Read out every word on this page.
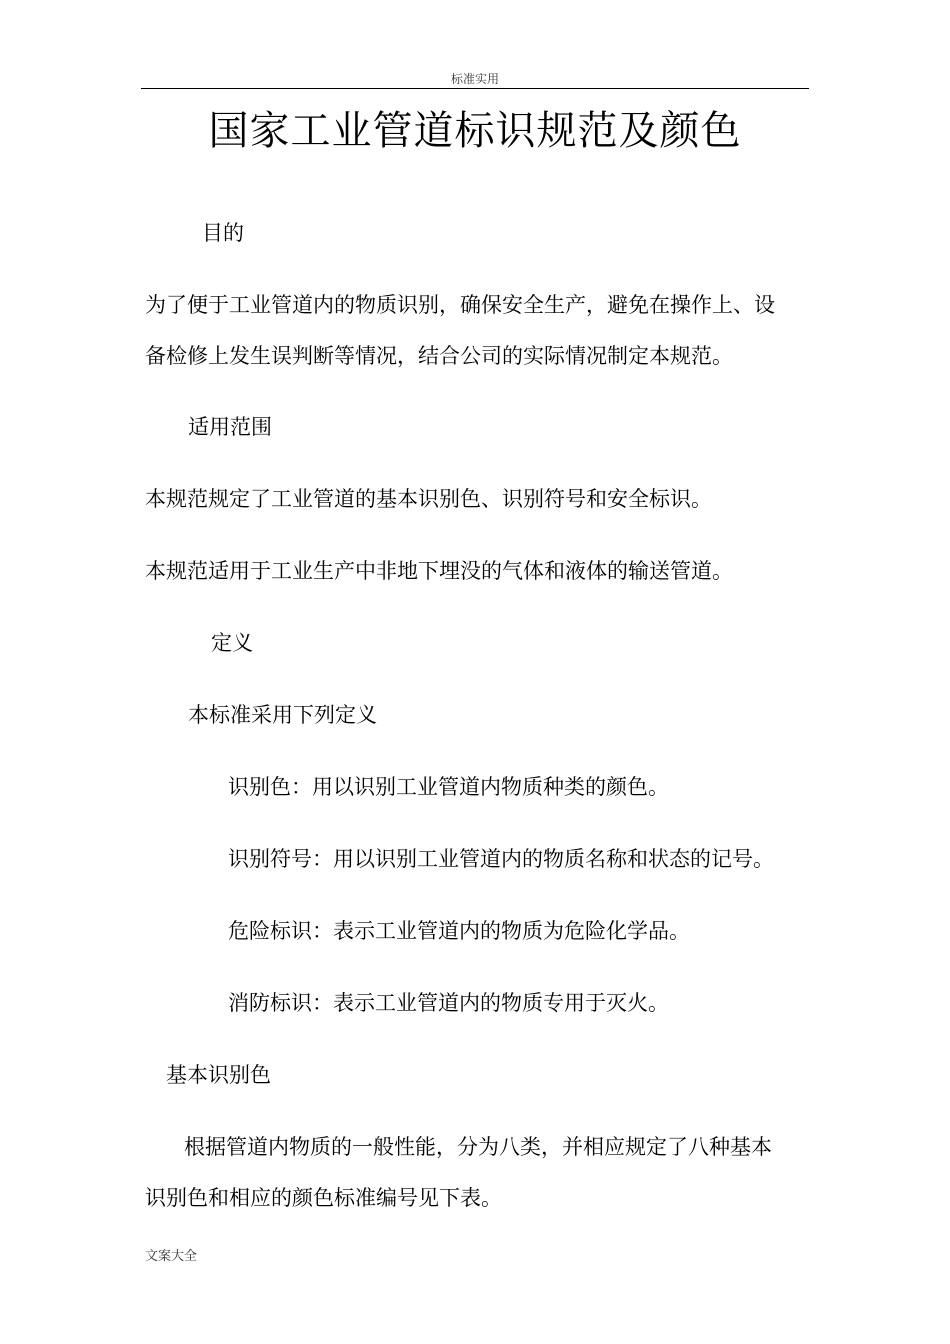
标准实用
国家工业管道标识规范及颜色
目的
为了便于工业管道内的物质识别，确保安全生产，避免在操作上、设
备检修上发生误判断等情况，结合公司的实际情况制定本规范。
适用范围
本规范规定了工业管道的基本识别色、识别符号和安全标识。
本规范适用于工业生产中非地下埋没的气体和液体的输送管道。
定义
本标准采用下列定义
识别色：用以识别工业管道内物质种类的颜色。
识别符号：用以识别工业管道内的物质名称和状态的记号。
危险标识：表示工业管道内的物质为危险化学品。
消防标识：表示工业管道内的物质专用于灭火。
基本识别色
根据管道内物质的一般性能，分为八类，并相应规定了八种基本
识别色和相应的颜色标准编号见下表。
文案大全
